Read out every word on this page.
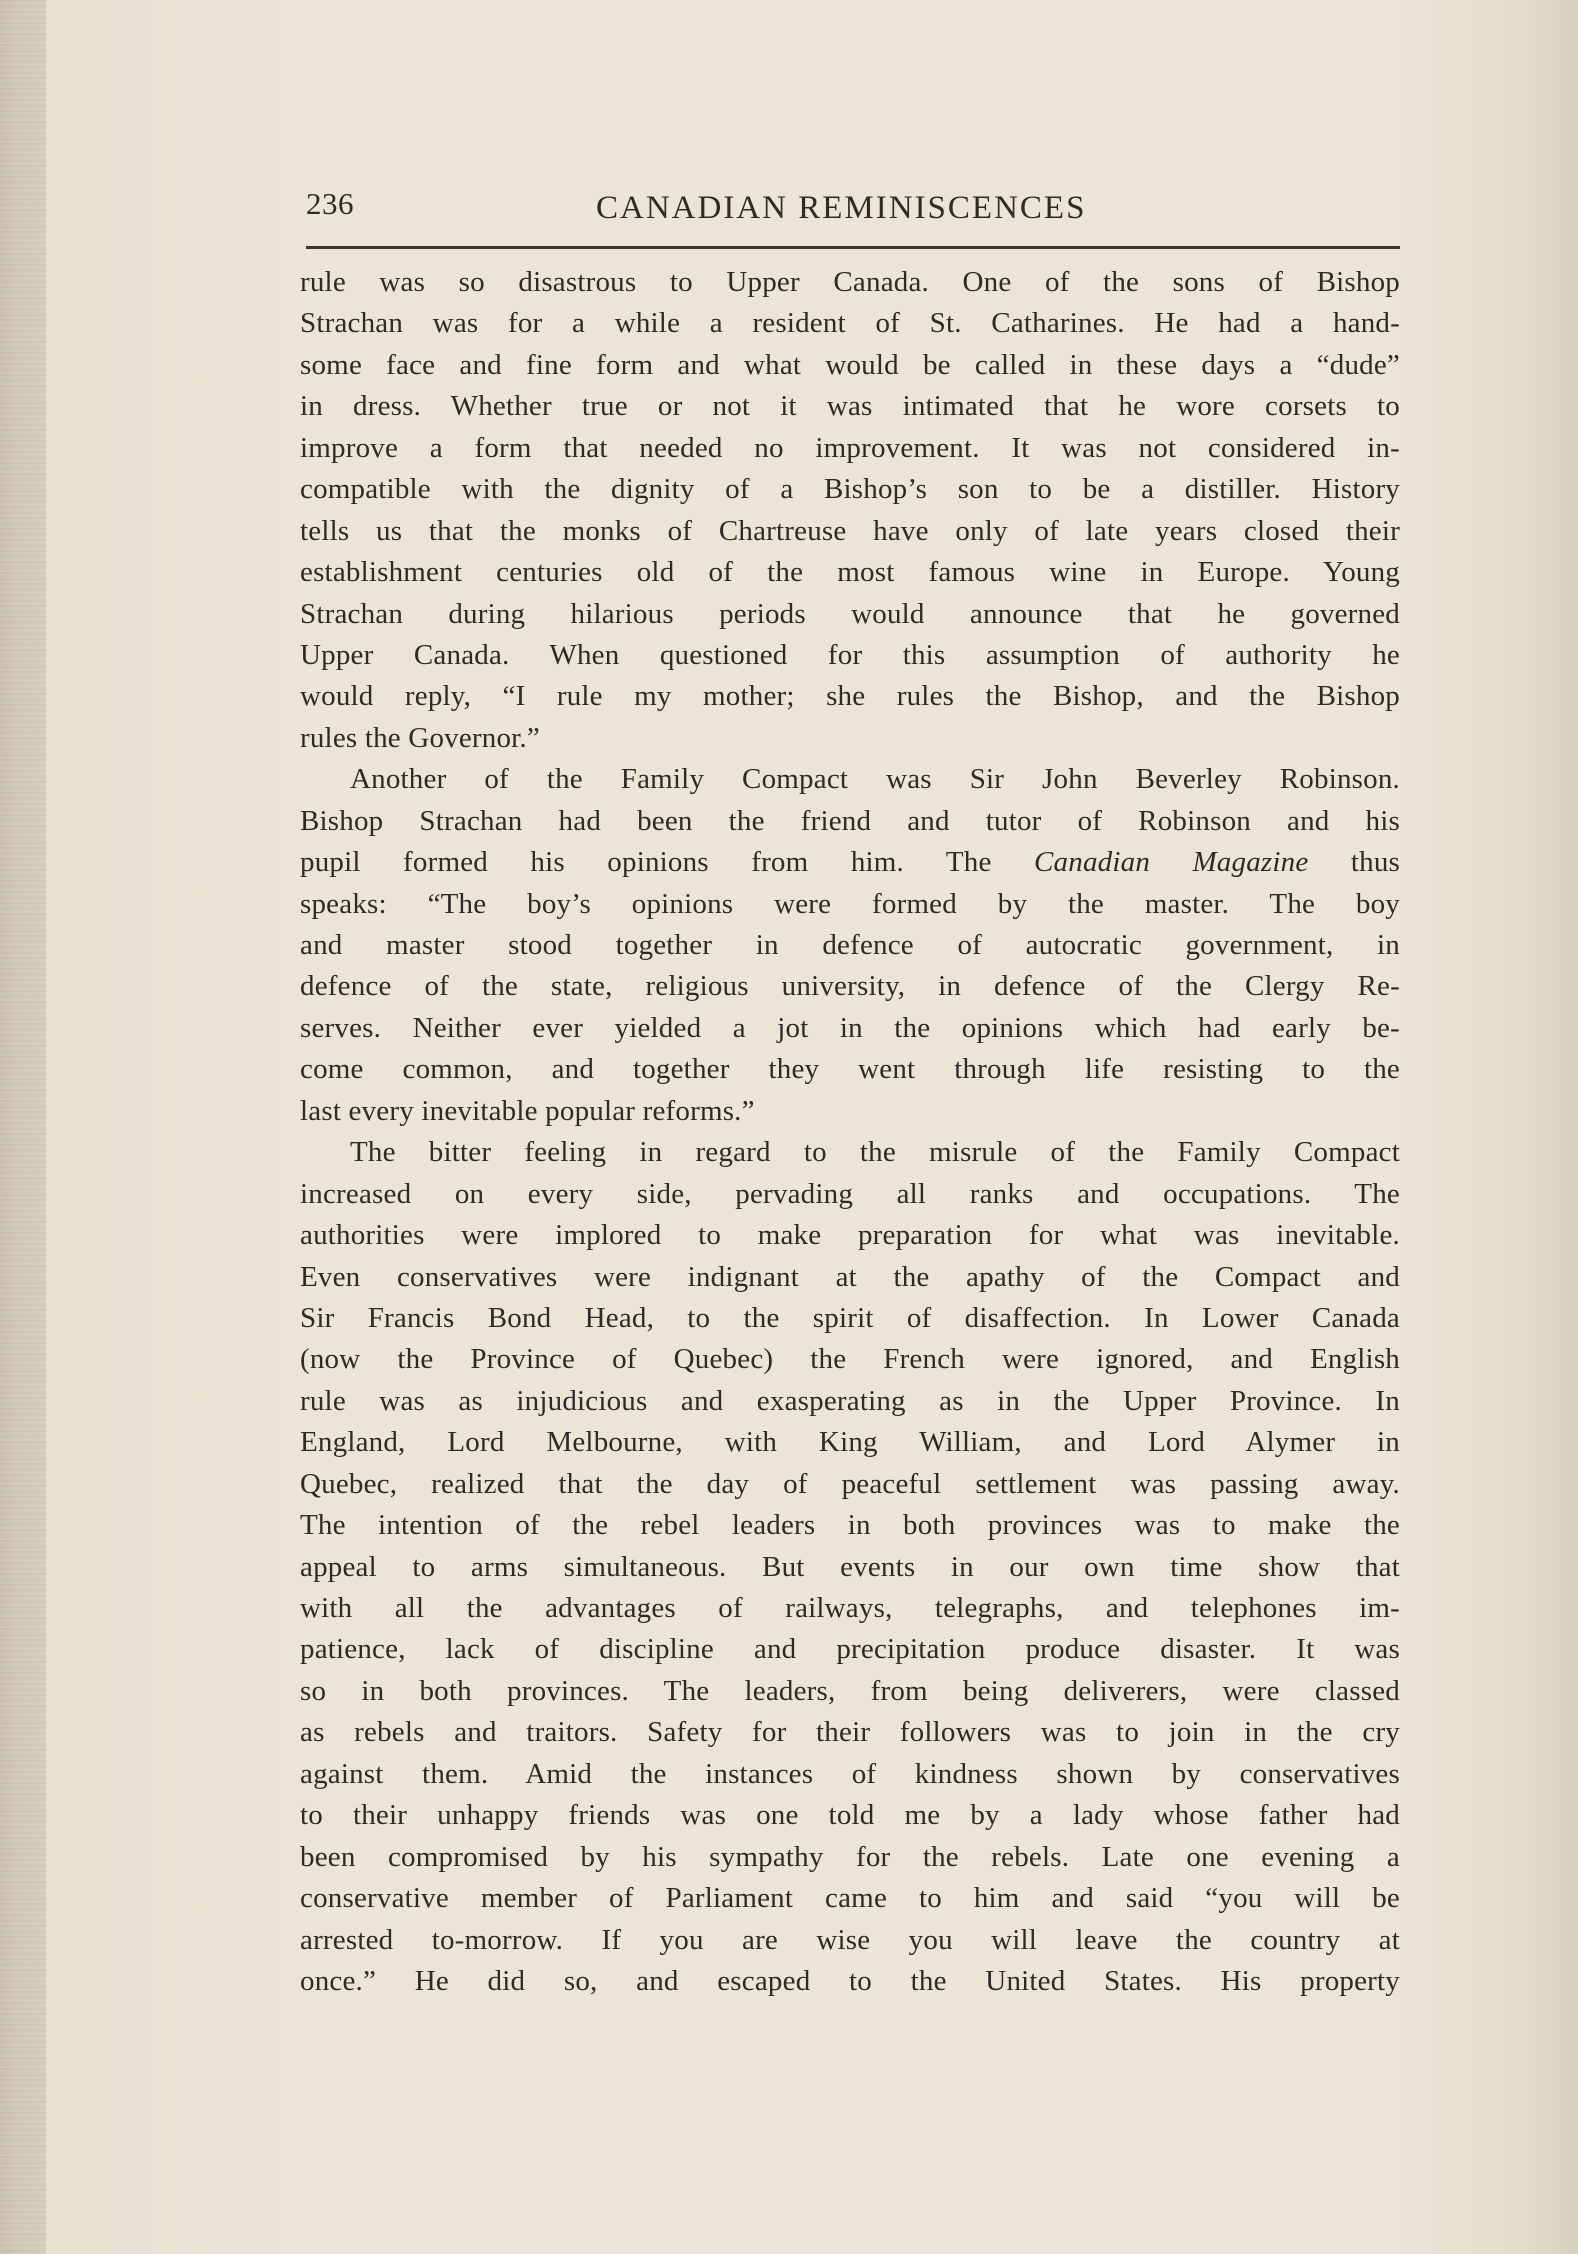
236	CANADIAN REMINISCENCES
rule was so disastrous to Upper Canada. One of the sons of Bishop
Strachan was for a while a resident of St. Catharines. He had a hand-
some face and fine form and what would be called in these days a “dude”
in dress. Whether true or not it was intimated that he wore corsets to
improve a form that needed no improvement. It was not considered in-
compatible with the dignity of a Bishop’s son to be a distiller. History
tells us that the monks of Chartreuse have only of late years closed their
establishment centuries old of the most famous wine in Europe. Young
Strachan during hilarious periods would announce that he governed
Upper Canada. When questioned for this assumption of authority he
would reply, “I rule my mother; she rules the Bishop, and the Bishop
rules the Governor.”
Another of the Family Compact was Sir John Beverley Robinson.
Bishop Strachan had been the friend and tutor of Robinson and his
pupil formed his opinions from him. The Canadian Magazine thus
speaks: “The boy’s opinions were formed by the master. The boy
and master stood together in defence of autocratic government, in
defence of the state, religious university, in defence of the Clergy Re-
serves. Neither ever yielded a jot in the opinions which had early be-
come common, and together they went through life resisting to the
last every inevitable popular reforms.”
The bitter feeling in regard to the misrule of the Family Compact
increased on every side, pervading all ranks and occupations. The
authorities were implored to make preparation for what was inevitable.
Even conservatives were indignant at the apathy of the Compact and
Sir Francis Bond Head, to the spirit of disaffection. In Lower Canada
(now the Province of Quebec) the French were ignored, and English
rule was as injudicious and exasperating as in the Upper Province. In
England, Lord Melbourne, with King William, and Lord Alymer in
Quebec, realized that the day of peaceful settlement was passing away.
The intention of the rebel leaders in both provinces was to make the
appeal to arms simultaneous. But events in our own time show that
with all the advantages of railways, telegraphs, and telephones im-
patience, lack of discipline and precipitation produce disaster. It was
so in both provinces. The leaders, from being deliverers, were classed
as rebels and traitors. Safety for their followers was to join in the cry
against them. Amid the instances of kindness shown by conservatives
to their unhappy friends was one told me by a lady whose father had
been compromised by his sympathy for the rebels. Late one evening a
conservative member of Parliament came to him and said “you will be
arrested to-morrow. If you are wise you will leave the country at
once.” He did so, and escaped to the United States. His property
